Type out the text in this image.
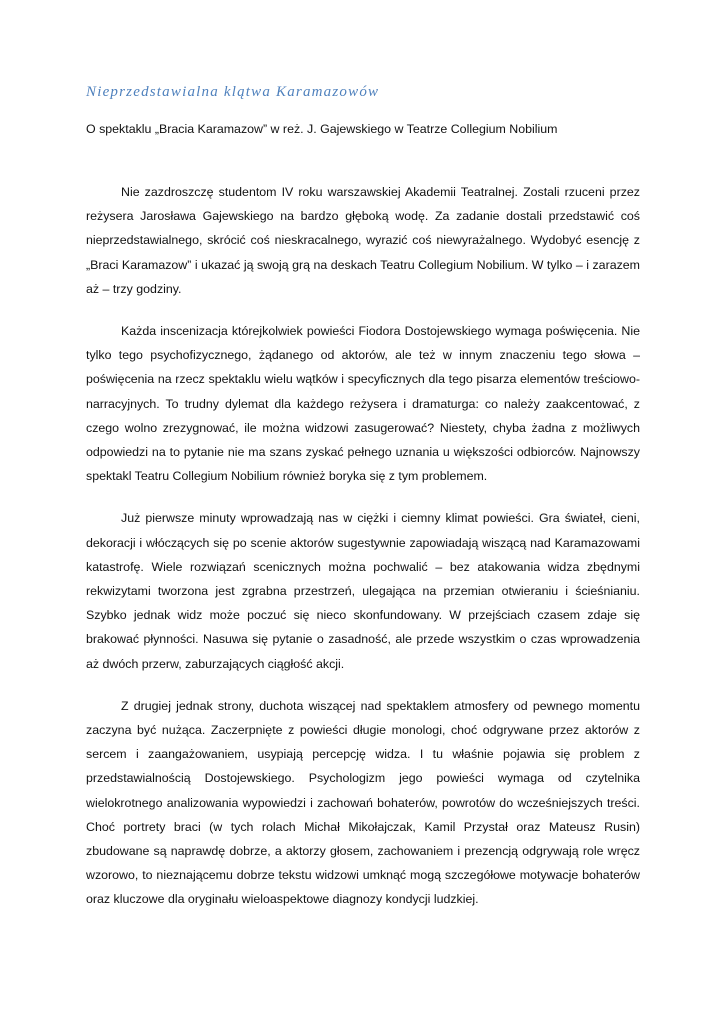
Nieprzedstawialna klątwa Karamazowów

O spektaklu „Bracia Karamazow” w reż. J. Gajewskiego w Teatrze Collegium Nobilium

Nie zazdroszczę studentom IV roku warszawskiej Akademii Teatralnej. Zostali rzuceni przez reżysera Jarosława Gajewskiego na bardzo głęboką wodę. Za zadanie dostali przedstawić coś nieprzedstawialnego, skrócić coś nieskracalnego, wyrazić coś niewyrażalnego. Wydobyć esencję z „Braci Karamazow” i ukazać ją swoją grą na deskach Teatru Collegium Nobilium. W tylko – i zarazem aż – trzy godziny.

Każda inscenizacja którejkolwiek powieści Fiodora Dostojewskiego wymaga poświęcenia. Nie tylko tego psychofizycznego, żądanego od aktorów, ale też w innym znaczeniu tego słowa – poświęcenia na rzecz spektaklu wielu wątków i specyficznych dla tego pisarza elementów treściowo-narracyjnych. To trudny dylemat dla każdego reżysera i dramaturga: co należy zaakcentować, z czego wolno zrezygnować, ile można widzowi zasugerować? Niestety, chyba żadna z możliwych odpowiedzi na to pytanie nie ma szans zyskać pełnego uznania u większości odbiorców. Najnowszy spektakl Teatru Collegium Nobilium również boryka się z tym problemem.

Już pierwsze minuty wprowadzają nas w ciężki i ciemny klimat powieści. Gra świateł, cieni, dekoracji i włóczących się po scenie aktorów sugestywnie zapowiadają wiszącą nad Karamazowami katastrofę. Wiele rozwiązań scenicznych można pochwalić – bez atakowania widza zbędnymi rekwizytami tworzona jest zgrabna przestrzeń, ulegająca na przemian otwieraniu i ścieśnianiu. Szybko jednak widz może poczuć się nieco skonfundowany. W przejściach czasem zdaje się brakować płynności. Nasuwa się pytanie o zasadność, ale przede wszystkim o czas wprowadzenia aż dwóch przerw, zaburzających ciągłość akcji.

Z drugiej jednak strony, duchota wiszącej nad spektaklem atmosfery od pewnego momentu zaczyna być nużąca. Zaczerpnięte z powieści długie monologi, choć odgrywane przez aktorów z sercem i zaangażowaniem, usypiają percepcję widza. I tu właśnie pojawia się problem z przedstawialnością Dostojewskiego. Psychologizm jego powieści wymaga od czytelnika wielokrotnego analizowania wypowiedzi i zachowań bohaterów, powrotów do wcześniejszych treści. Choć portrety braci (w tych rolach Michał Mikołajczak, Kamil Przystał oraz Mateusz Rusin) zbudowane są naprawdę dobrze, a aktorzy głosem, zachowaniem i prezencją odgrywają role wręcz wzorowo, to nieznającemu dobrze tekstu widzowi umknąć mogą szczegółowe motywacje bohaterów oraz kluczowe dla oryginału wieloaspektowe diagnozy kondycji ludzkiej.
